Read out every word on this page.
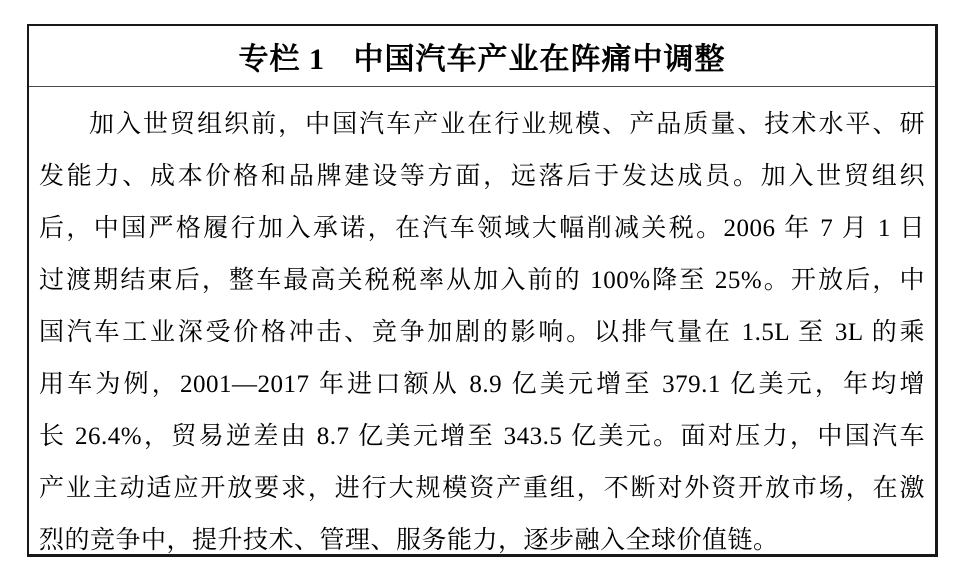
专栏 1 中国汽车产业在阵痛中调整
加入世贸组织前，中国汽车产业在行业规模、产品质量、技术水平、研
发能力、成本价格和品牌建设等方面，远落后于发达成员。加入世贸组织
后，中国严格履行加入承诺，在汽车领域大幅削减关税。2006 年 7 月 1 日
过渡期结束后，整车最高关税税率从加入前的 100%降至 25%。开放后，中
国汽车工业深受价格冲击、竞争加剧的影响。以排气量在 1.5L 至 3L 的乘
用车为例，2001—2017 年进口额从 8.9 亿美元增至 379.1 亿美元，年均增
长 26.4%，贸易逆差由 8.7 亿美元增至 343.5 亿美元。面对压力，中国汽车
产业主动适应开放要求，进行大规模资产重组，不断对外资开放市场，在激
烈的竞争中，提升技术、管理、服务能力，逐步融入全球价值链。
